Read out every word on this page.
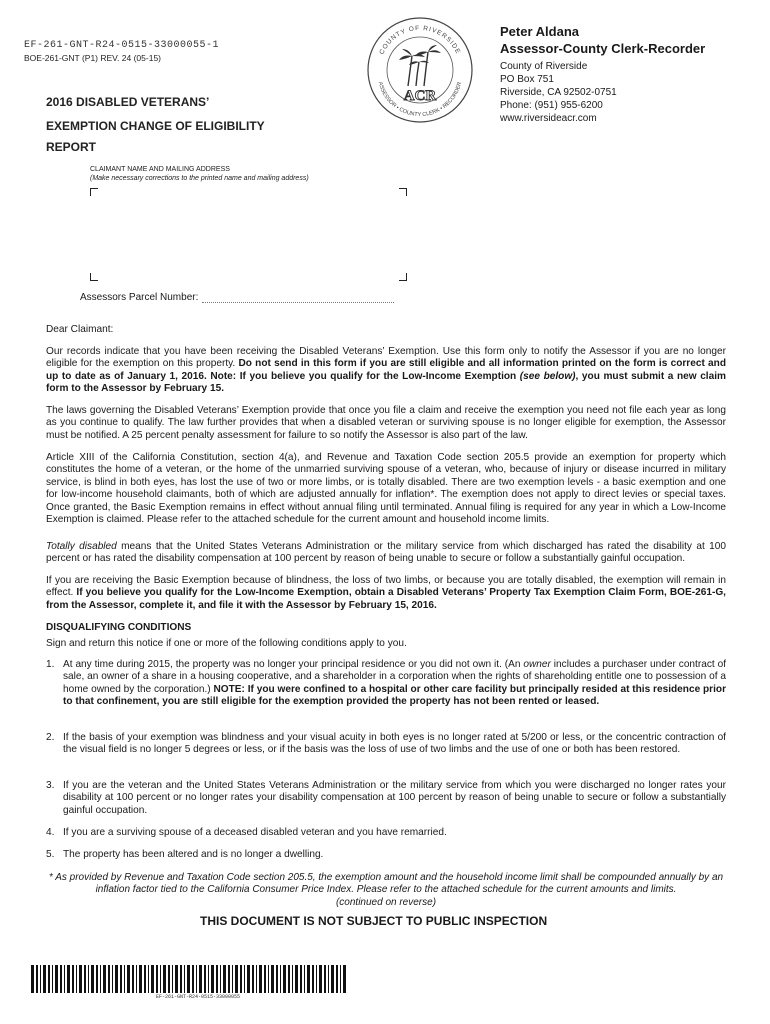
EF-261-GNT-R24-0515-33000055-1
BOE-261-GNT (P1) REV. 24 (05-15)
2016 DISABLED VETERANS’
EXEMPTION CHANGE OF ELIGIBILITY
REPORT
COUNTY OF RIVERSIDE
ASSESSOR • COUNTY CLERK • RECORDER
ACR
Peter Aldana
Assessor-County Clerk-Recorder
County of Riverside
PO Box 751
Riverside, CA 92502-0751
Phone: (951) 955-6200
www.riversideacr.com
CLAIMANT NAME AND MAILING ADDRESS
(Make necessary corrections to the printed name and mailing address)
Assessors Parcel Number:
Dear Claimant:
Our records indicate that you have been receiving the Disabled Veterans’ Exemption. Use this form only to notify the Assessor if you are no longer eligible for the exemption on this property. Do not send in this form if you are still eligible and all information printed on the form is correct and up to date as of January 1, 2016. Note: If you believe you qualify for the Low-Income Exemption (see below), you must submit a new claim form to the Assessor by February 15.
The laws governing the Disabled Veterans’ Exemption provide that once you file a claim and receive the exemption you need not file each year as long as you continue to qualify. The law further provides that when a disabled veteran or surviving spouse is no longer eligible for exemption, the Assessor must be notified. A 25 percent penalty assessment for failure to so notify the Assessor is also part of the law.
Article XIII of the California Constitution, section 4(a), and Revenue and Taxation Code section 205.5 provide an exemption for property which constitutes the home of a veteran, or the home of the unmarried surviving spouse of a veteran, who, because of injury or disease incurred in military service, is blind in both eyes, has lost the use of two or more limbs, or is totally disabled. There are two exemption levels - a basic exemption and one for low-income household claimants, both of which are adjusted annually for inflation*. The exemption does not apply to direct levies or special taxes. Once granted, the Basic Exemption remains in effect without annual filing until terminated. Annual filing is required for any year in which a Low-Income Exemption is claimed. Please refer to the attached schedule for the current amount and household income limits.
Totally disabled means that the United States Veterans Administration or the military service from which discharged has rated the disability at 100 percent or has rated the disability compensation at 100 percent by reason of being unable to secure or follow a substantially gainful occupation.
If you are receiving the Basic Exemption because of blindness, the loss of two limbs, or because you are totally disabled, the exemption will remain in effect. If you believe you qualify for the Low-Income Exemption, obtain a Disabled Veterans’ Property Tax Exemption Claim Form, BOE-261-G, from the Assessor, complete it, and file it with the Assessor by February 15, 2016.
DISQUALIFYING CONDITIONS
Sign and return this notice if one or more of the following conditions apply to you.
1. At any time during 2015, the property was no longer your principal residence or you did not own it. (An owner includes a purchaser under contract of sale, an owner of a share in a housing cooperative, and a shareholder in a corporation when the rights of shareholding entitle one to possession of a home owned by the corporation.) NOTE: If you were confined to a hospital or other care facility but principally resided at this residence prior to that confinement, you are still eligible for the exemption provided the property has not been rented or leased.
2. If the basis of your exemption was blindness and your visual acuity in both eyes is no longer rated at 5/200 or less, or the concentric contraction of the visual field is no longer 5 degrees or less, or if the basis was the loss of use of two limbs and the use of one or both has been restored.
3. If you are the veteran and the United States Veterans Administration or the military service from which you were discharged no longer rates your disability at 100 percent or no longer rates your disability compensation at 100 percent by reason of being unable to secure or follow a substantially gainful occupation.
4. If you are a surviving spouse of a deceased disabled veteran and you have remarried.
5. The property has been altered and is no longer a dwelling.
* As provided by Revenue and Taxation Code section 205.5, the exemption amount and the household income limit shall be compounded annually by an inflation factor tied to the California Consumer Price Index. Please refer to the attached schedule for the current amounts and limits.
(continued on reverse)
THIS DOCUMENT IS NOT SUBJECT TO PUBLIC INSPECTION
EF-261-GNT-R24-0515-33000055
